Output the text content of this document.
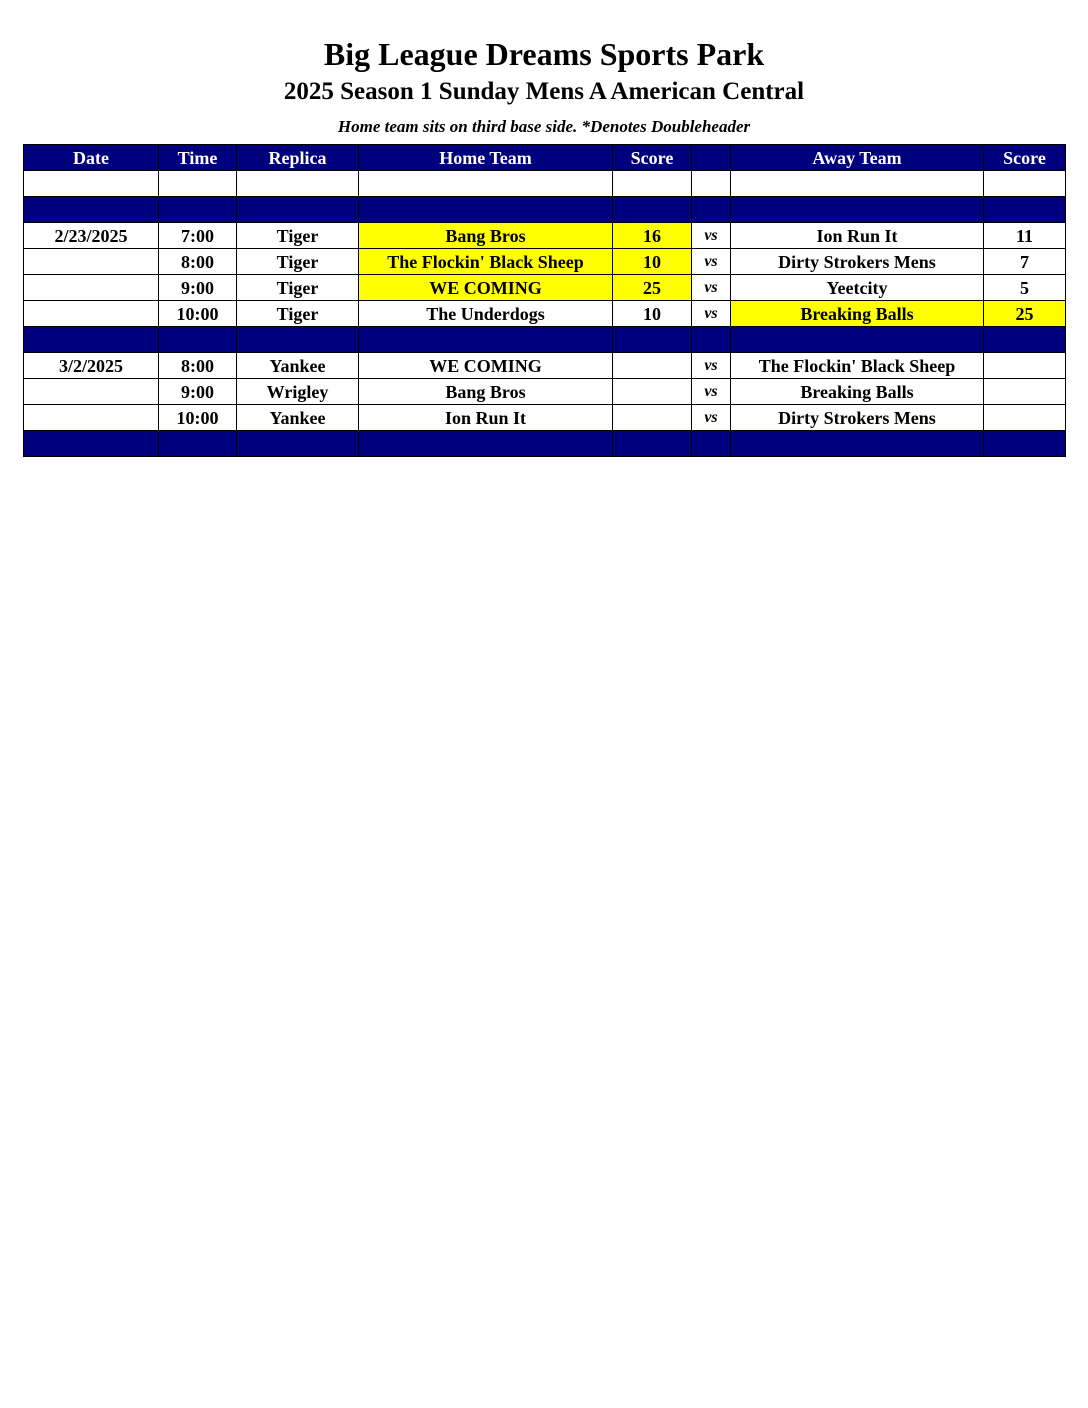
Big League Dreams Sports Park
2025 Season 1 Sunday Mens A American Central
Home team sits on third base side. *Denotes Doubleheader
Date	Time	Replica	Home Team	Score		Away Team	Score

2/23/2025	7:00	Tiger	Bang Bros	16	vs	Ion Run It	11
	8:00	Tiger	The Flockin' Black Sheep	10	vs	Dirty Strokers Mens	7
	9:00	Tiger	WE COMING	25	vs	Yeetcity	5
	10:00	Tiger	The Underdogs	10	vs	Breaking Balls	25

3/2/2025	8:00	Yankee	WE COMING		vs	The Flockin' Black Sheep	
	9:00	Wrigley	Bang Bros		vs	Breaking Balls	
	10:00	Yankee	Ion Run It		vs	Dirty Strokers Mens	
